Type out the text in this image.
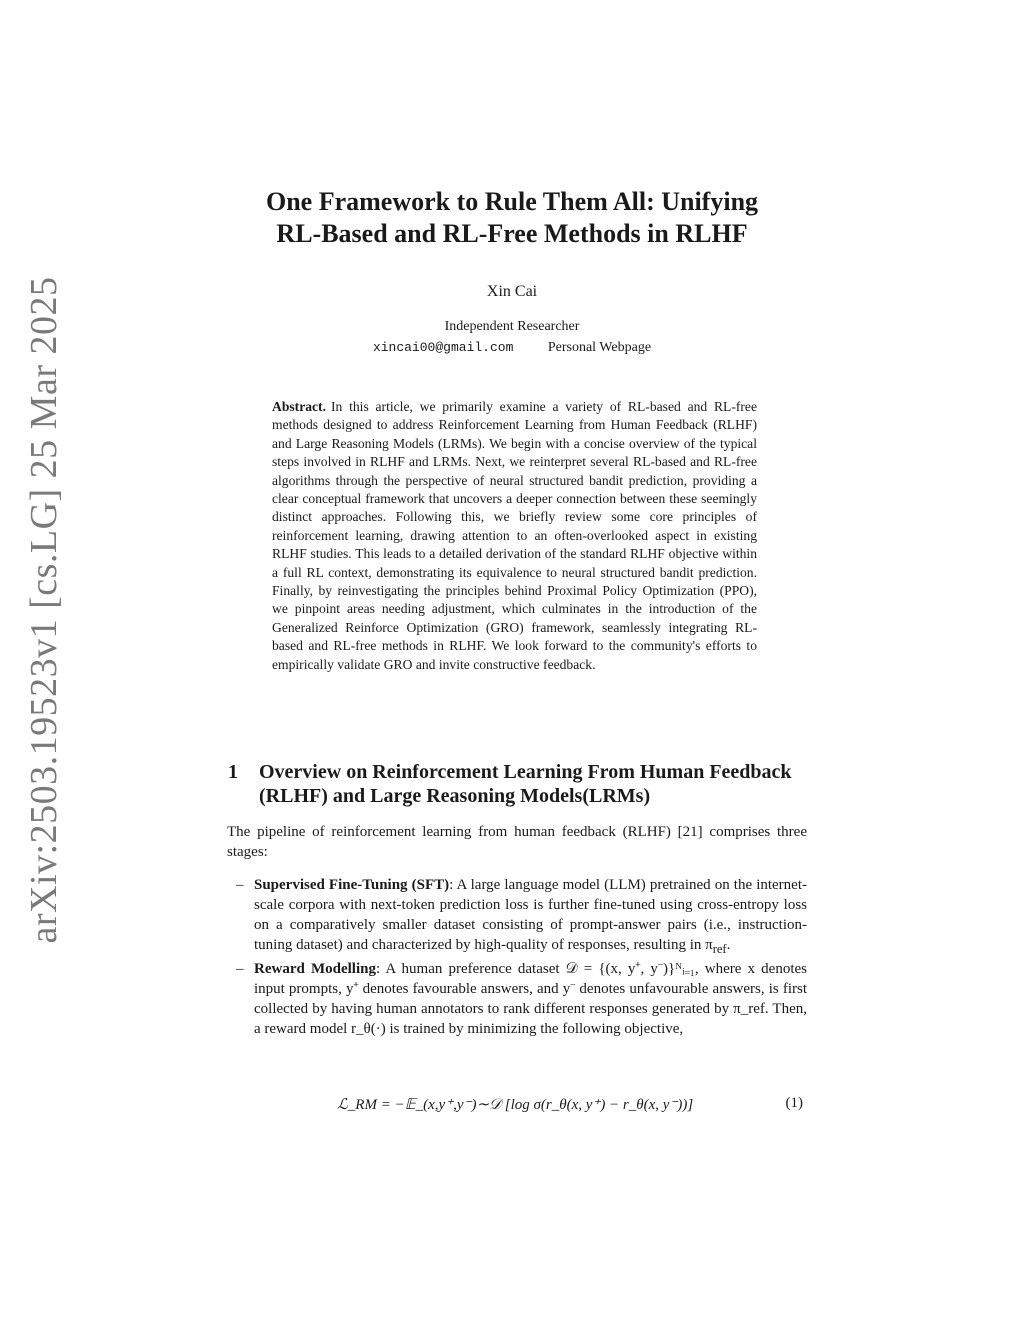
arXiv:2503.19523v1 [cs.LG] 25 Mar 2025
One Framework to Rule Them All: Unifying
RL-Based and RL-Free Methods in RLHF
Xin Cai
Independent Researcher
xincai00@gmail.com Personal Webpage
Abstract. In this article, we primarily examine a variety of RL-based and RL-free methods designed to address Reinforcement Learning from Human Feedback (RLHF) and Large Reasoning Models (LRMs). We begin with a concise overview of the typical steps involved in RLHF and LRMs. Next, we reinterpret several RL-based and RL-free algorithms through the perspective of neural structured bandit prediction, providing a clear conceptual framework that uncovers a deeper connection between these seemingly distinct approaches. Following this, we briefly review some core principles of reinforcement learning, drawing attention to an often-overlooked aspect in existing RLHF studies. This leads to a detailed derivation of the standard RLHF objective within a full RL context, demonstrating its equivalence to neural structured bandit prediction. Finally, by reinvestigating the principles behind Proximal Policy Optimization (PPO), we pinpoint areas needing adjustment, which culminates in the introduction of the Generalized Reinforce Optimization (GRO) framework, seamlessly integrating RL-based and RL-free methods in RLHF. We look forward to the community's efforts to empirically validate GRO and invite constructive feedback.
1 Overview on Reinforcement Learning From Human Feedback (RLHF) and Large Reasoning Models(LRMs)
The pipeline of reinforcement learning from human feedback (RLHF) [21] comprises three stages:
– Supervised Fine-Tuning (SFT): A large language model (LLM) pretrained on the internet-scale corpora with next-token prediction loss is further fine-tuned using cross-entropy loss on a comparatively smaller dataset consisting of prompt-answer pairs (i.e., instruction-tuning dataset) and characterized by high-quality of responses, resulting in $\pi_{ref}$.
– Reward Modelling: A human preference dataset 𝒟 = {(x, y⁺, y⁻)}ᴺᵢ₌₁, where x denotes input prompts, y⁺ denotes favourable answers, and y⁻ denotes unfavourable answers, is first collected by having human annotators to rank different responses generated by π_ref. Then, a reward model r_θ(·) is trained by minimizing the following objective,
ℒ_RM = −𝔼_(x,y⁺,y⁻)∼𝒟 [log σ(r_θ(x, y⁺) − r_θ(x, y⁻))]	(1)
